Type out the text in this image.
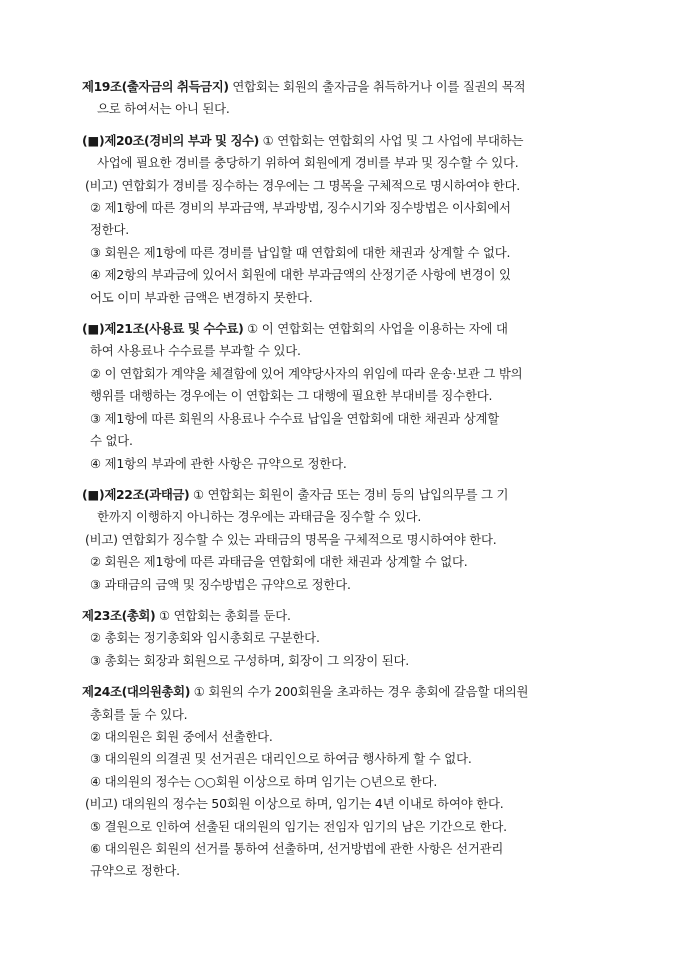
제19조(출자금의 취득금지) 연합회는 회원의 출자금을 취득하거나 이를 질권의 목적
으로 하여서는 아니 된다.
(■)제20조(경비의 부과 및 징수) ① 연합회는 연합회의 사업 및 그 사업에 부대하는
사업에 필요한 경비를 충당하기 위하여 회원에게 경비를 부과 및 징수할 수 있다.
(비고) 연합회가 경비를 징수하는 경우에는 그 명목을 구체적으로 명시하여야 한다.
② 제1항에 따른 경비의 부과금액, 부과방법, 징수시기와 징수방법은 이사회에서
정한다.
③ 회원은 제1항에 따른 경비를 납입할 때 연합회에 대한 채권과 상계할 수 없다.
④ 제2항의 부과금에 있어서 회원에 대한 부과금액의 산정기준 사항에 변경이 있
어도 이미 부과한 금액은 변경하지 못한다.
(■)제21조(사용료 및 수수료) ① 이 연합회는 연합회의 사업을 이용하는 자에 대
하여 사용료나 수수료를 부과할 수 있다.
② 이 연합회가 계약을 체결함에 있어 계약당사자의 위임에 따라 운송·보관 그 밖의
행위를 대행하는 경우에는 이 연합회는 그 대행에 필요한 부대비를 징수한다.
③ 제1항에 따른 회원의 사용료나 수수료 납입을 연합회에 대한 채권과 상계할
수 없다.
④ 제1항의 부과에 관한 사항은 규약으로 정한다.
(■)제22조(과태금) ① 연합회는 회원이 출자금 또는 경비 등의 납입의무를 그 기
한까지 이행하지 아니하는 경우에는 과태금을 징수할 수 있다.
(비고) 연합회가 징수할 수 있는 과태금의 명목을 구체적으로 명시하여야 한다.
② 회원은 제1항에 따른 과태금을 연합회에 대한 채권과 상계할 수 없다.
③ 과태금의 금액 및 징수방법은 규약으로 정한다.
제23조(총회) ① 연합회는 총회를 둔다.
② 총회는 정기총회와 임시총회로 구분한다.
③ 총회는 회장과 회원으로 구성하며, 회장이 그 의장이 된다.
제24조(대의원총회) ① 회원의 수가 200회원을 초과하는 경우 총회에 갈음할 대의원
총회를 둘 수 있다.
② 대의원은 회원 중에서 선출한다.
③ 대의원의 의결권 및 선거권은 대리인으로 하여금 행사하게 할 수 없다.
④ 대의원의 정수는 ○○회원 이상으로 하며 임기는 ○년으로 한다.
(비고) 대의원의 정수는 50회원 이상으로 하며, 임기는 4년 이내로 하여야 한다.
⑤ 결원으로 인하여 선출된 대의원의 임기는 전임자 임기의 남은 기간으로 한다.
⑥ 대의원은 회원의 선거를 통하여 선출하며, 선거방법에 관한 사항은 선거관리
규약으로 정한다.
